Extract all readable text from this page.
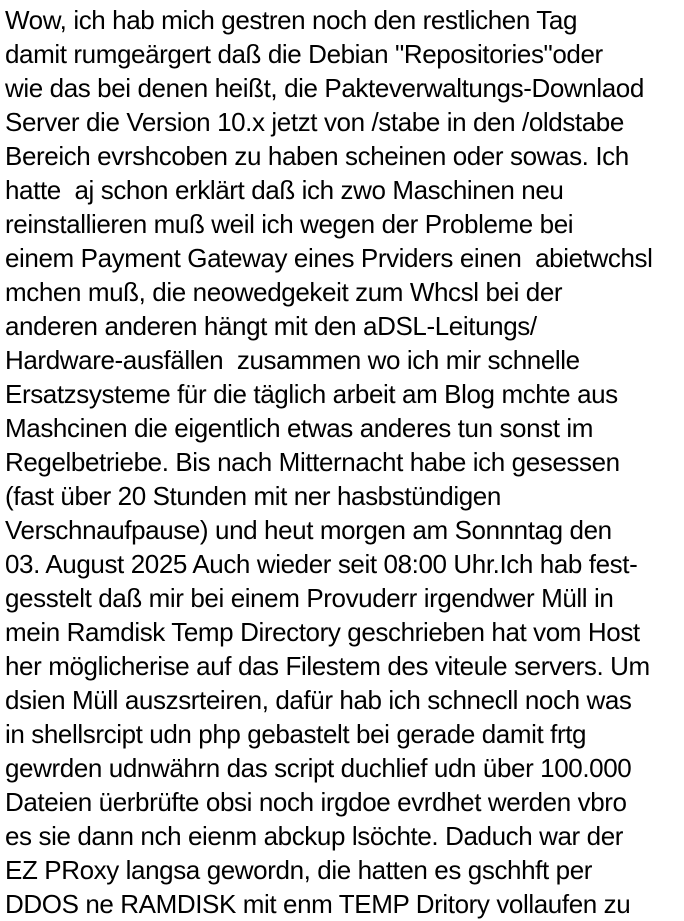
Wow, ich hab mich gestren noch den restlichen Tag
damit rumgeärgert daß die Debian "Repositories"oder
wie das bei denen heißt, die Pakteverwaltungs-Downlaod
Server die Version 10.x jetzt von /stabe in den /oldstabe
Bereich evrshcoben zu haben scheinen oder sowas. Ich
hatte  aj schon erklärt daß ich zwo Maschinen neu
reinstallieren muß weil ich wegen der Probleme bei
einem Payment Gateway eines Prviders einen  abietwchsl
mchen muß, die neowedgekeit zum Whcsl bei der
anderen anderen hängt mit den aDSL-Leitungs/
Hardware-ausfällen  zusammen wo ich mir schnelle
Ersatzsysteme für die täglich arbeit am Blog mchte aus
Mashcinen die eigentlich etwas anderes tun sonst im
Regelbetriebe. Bis nach Mitternacht habe ich gesessen
(fast über 20 Stunden mit ner hasbstündigen
Verschnaufpause) und heut morgen am Sonnntag den
03. August 2025 Auch wieder seit 08:00 Uhr.Ich hab fest-
gesstelt daß mir bei einem Provuderr irgendwer Müll in
mein Ramdisk Temp Directory geschrieben hat vom Host
her möglicherise auf das Filestem des viteule servers. Um
dsien Müll auszsrteiren, dafür hab ich schnecll noch was
in shellsrcipt udn php gebastelt bei gerade damit frtg
gewrden udnwährn das script duchlief udn über 100.000
Dateien üerbrüfte obsi noch irgdoe evrdhet werden vbro
es sie dann nch eienm abckup lsöchte. Daduch war der
EZ PRoxy langsa gewordn, die hatten es gschhft per
DDOS ne RAMDISK mit enm TEMP Dritory vollaufen zu
